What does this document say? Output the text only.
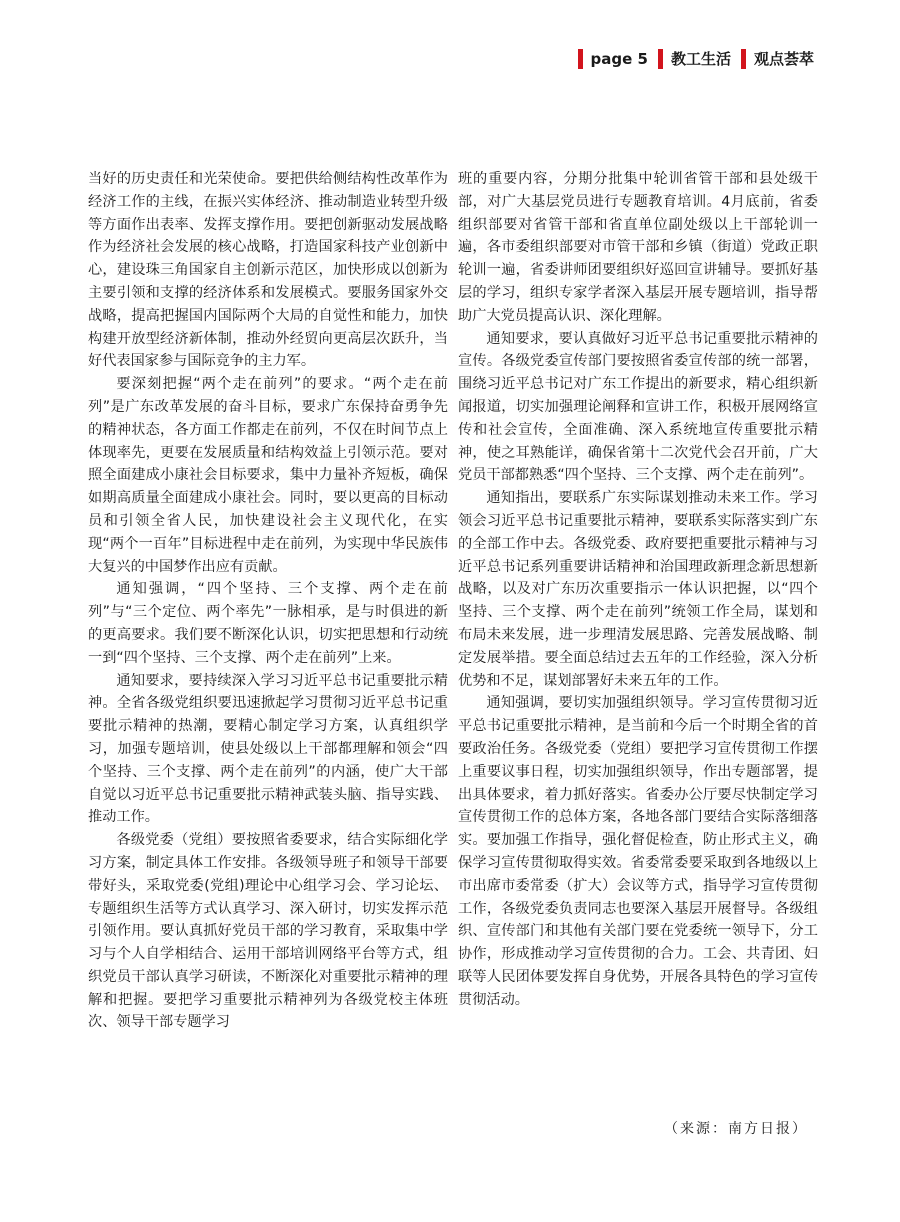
page 5 教工生活 观点荟萃

当好的历史责任和光荣使命。要把供给侧结构性改革作为经济工作的主线，在振兴实体经济、推动制造业转型升级等方面作出表率、发挥支撑作用。要把创新驱动发展战略作为经济社会发展的核心战略，打造国家科技产业创新中心，建设珠三角国家自主创新示范区，加快形成以创新为主要引领和支撑的经济体系和发展模式。要服务国家外交战略，提高把握国内国际两个大局的自觉性和能力，加快构建开放型经济新体制，推动外经贸向更高层次跃升，当好代表国家参与国际竞争的主力军。

要深刻把握“两个走在前列”的要求。“两个走在前列”是广东改革发展的奋斗目标，要求广东保持奋勇争先的精神状态，各方面工作都走在前列，不仅在时间节点上体现率先，更要在发展质量和结构效益上引领示范。要对照全面建成小康社会目标要求，集中力量补齐短板，确保如期高质量全面建成小康社会。同时，要以更高的目标动员和引领全省人民，加快建设社会主义现代化，在实现“两个一百年”目标进程中走在前列，为实现中华民族伟大复兴的中国梦作出应有贡献。

通知强调，“四个坚持、三个支撑、两个走在前列”与“三个定位、两个率先”一脉相承，是与时俱进的新的更高要求。我们要不断深化认识，切实把思想和行动统一到“四个坚持、三个支撑、两个走在前列”上来。

通知要求，要持续深入学习习近平总书记重要批示精神。全省各级党组织要迅速掀起学习贯彻习近平总书记重要批示精神的热潮，要精心制定学习方案，认真组织学习，加强专题培训，使县处级以上干部都理解和领会“四个坚持、三个支撑、两个走在前列”的内涵，使广大干部自觉以习近平总书记重要批示精神武装头脑、指导实践、推动工作。

各级党委（党组）要按照省委要求，结合实际细化学习方案，制定具体工作安排。各级领导班子和领导干部要带好头，采取党委(党组)理论中心组学习会、学习论坛、专题组织生活等方式认真学习、深入研讨，切实发挥示范引领作用。要认真抓好党员干部的学习教育，采取集中学习与个人自学相结合、运用干部培训网络平台等方式，组织党员干部认真学习研读，不断深化对重要批示精神的理解和把握。要把学习重要批示精神列为各级党校主体班次、领导干部专题学习

班的重要内容，分期分批集中轮训省管干部和县处级干部，对广大基层党员进行专题教育培训。4月底前，省委组织部要对省管干部和省直单位副处级以上干部轮训一遍，各市委组织部要对市管干部和乡镇（街道）党政正职轮训一遍，省委讲师团要组织好巡回宣讲辅导。要抓好基层的学习，组织专家学者深入基层开展专题培训，指导帮助广大党员提高认识、深化理解。

通知要求，要认真做好习近平总书记重要批示精神的宣传。各级党委宣传部门要按照省委宣传部的统一部署，围绕习近平总书记对广东工作提出的新要求，精心组织新闻报道，切实加强理论阐释和宣讲工作，积极开展网络宣传和社会宣传，全面准确、深入系统地宣传重要批示精神，使之耳熟能详，确保省第十二次党代会召开前，广大党员干部都熟悉“四个坚持、三个支撑、两个走在前列”。

通知指出，要联系广东实际谋划推动未来工作。学习领会习近平总书记重要批示精神，要联系实际落实到广东的全部工作中去。各级党委、政府要把重要批示精神与习近平总书记系列重要讲话精神和治国理政新理念新思想新战略，以及对广东历次重要指示一体认识把握，以“四个坚持、三个支撑、两个走在前列”统领工作全局，谋划和布局未来发展，进一步理清发展思路、完善发展战略、制定发展举措。要全面总结过去五年的工作经验，深入分析优势和不足，谋划部署好未来五年的工作。

通知强调，要切实加强组织领导。学习宣传贯彻习近平总书记重要批示精神，是当前和今后一个时期全省的首要政治任务。各级党委（党组）要把学习宣传贯彻工作摆上重要议事日程，切实加强组织领导，作出专题部署，提出具体要求，着力抓好落实。省委办公厅要尽快制定学习宣传贯彻工作的总体方案，各地各部门要结合实际落细落实。要加强工作指导，强化督促检查，防止形式主义，确保学习宣传贯彻取得实效。省委常委要采取到各地级以上市出席市委常委（扩大）会议等方式，指导学习宣传贯彻工作，各级党委负责同志也要深入基层开展督导。各级组织、宣传部门和其他有关部门要在党委统一领导下，分工协作，形成推动学习宣传贯彻的合力。工会、共青团、妇联等人民团体要发挥自身优势，开展各具特色的学习宣传贯彻活动。

（来源：南方日报）
